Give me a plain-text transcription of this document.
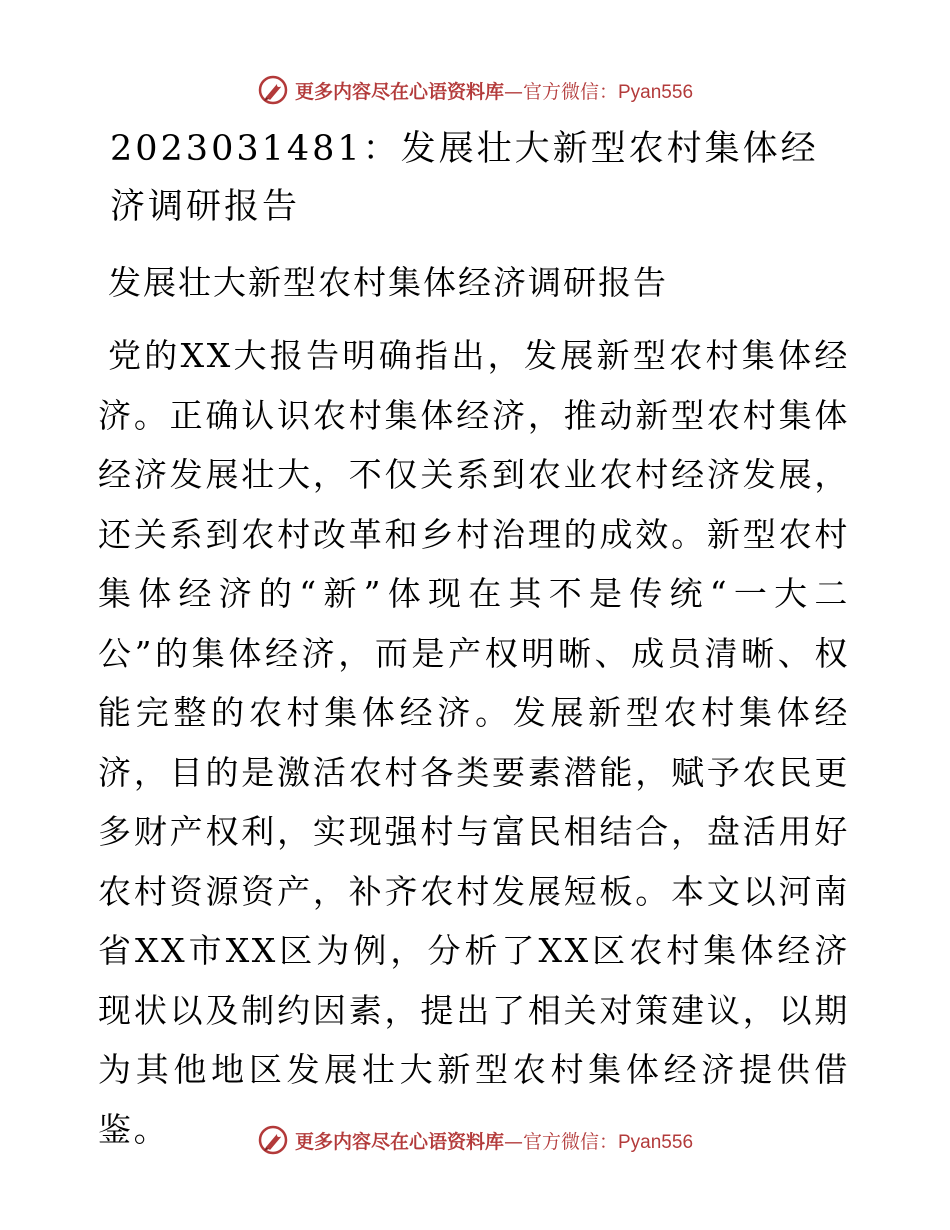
更多内容尽在心语资料库—官方微信：Pyan556
2023031481：发展壮大新型农村集体经济调研报告
发展壮大新型农村集体经济调研报告

党的XX大报告明确指出，发展新型农村集体经济。正确认识农村集体经济，推动新型农村集体经济发展壮大，不仅关系到农业农村经济发展，还关系到农村改革和乡村治理的成效。新型农村集体经济的“新”体现在其不是传统“一大二公”的集体经济，而是产权明晰、成员清晰、权能完整的农村集体经济。发展新型农村集体经济，目的是激活农村各类要素潜能，赋予农民更多财产权利，实现强村与富民相结合，盘活用好农村资源资产，补齐农村发展短板。本文以河南省XX市XX区为例，分析了XX区农村集体经济现状以及制约因素，提出了相关对策建议，以期为其他地区发展壮大新型农村集体经济提供借鉴。	更多内容尽在心语资料库—官方微信：Pyan556
